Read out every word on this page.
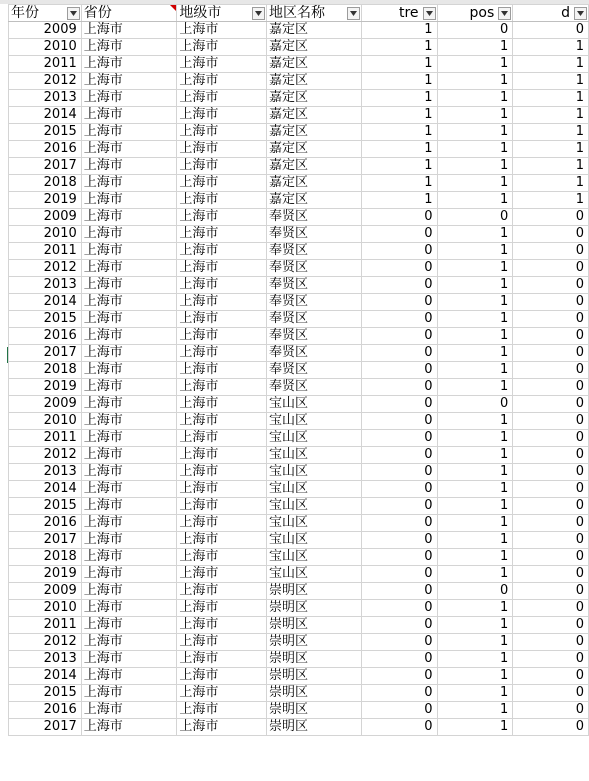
年份	省份	地级市	地区名称	tre	pos	d

2009	上海市	上海市	嘉定区	1	0	0
2010	上海市	上海市	嘉定区	1	1	1
2011	上海市	上海市	嘉定区	1	1	1
2012	上海市	上海市	嘉定区	1	1	1
2013	上海市	上海市	嘉定区	1	1	1
2014	上海市	上海市	嘉定区	1	1	1
2015	上海市	上海市	嘉定区	1	1	1
2016	上海市	上海市	嘉定区	1	1	1
2017	上海市	上海市	嘉定区	1	1	1
2018	上海市	上海市	嘉定区	1	1	1
2019	上海市	上海市	嘉定区	1	1	1
2009	上海市	上海市	奉贤区	0	0	0
2010	上海市	上海市	奉贤区	0	1	0
2011	上海市	上海市	奉贤区	0	1	0
2012	上海市	上海市	奉贤区	0	1	0
2013	上海市	上海市	奉贤区	0	1	0
2014	上海市	上海市	奉贤区	0	1	0
2015	上海市	上海市	奉贤区	0	1	0
2016	上海市	上海市	奉贤区	0	1	0
2017	上海市	上海市	奉贤区	0	1	0
2018	上海市	上海市	奉贤区	0	1	0
2019	上海市	上海市	奉贤区	0	1	0
2009	上海市	上海市	宝山区	0	0	0
2010	上海市	上海市	宝山区	0	1	0
2011	上海市	上海市	宝山区	0	1	0
2012	上海市	上海市	宝山区	0	1	0
2013	上海市	上海市	宝山区	0	1	0
2014	上海市	上海市	宝山区	0	1	0
2015	上海市	上海市	宝山区	0	1	0
2016	上海市	上海市	宝山区	0	1	0
2017	上海市	上海市	宝山区	0	1	0
2018	上海市	上海市	宝山区	0	1	0
2019	上海市	上海市	宝山区	0	1	0
2009	上海市	上海市	崇明区	0	0	0
2010	上海市	上海市	崇明区	0	1	0
2011	上海市	上海市	崇明区	0	1	0
2012	上海市	上海市	崇明区	0	1	0
2013	上海市	上海市	崇明区	0	1	0
2014	上海市	上海市	崇明区	0	1	0
2015	上海市	上海市	崇明区	0	1	0
2016	上海市	上海市	崇明区	0	1	0
2017	上海市	上海市	崇明区	0	1	0
